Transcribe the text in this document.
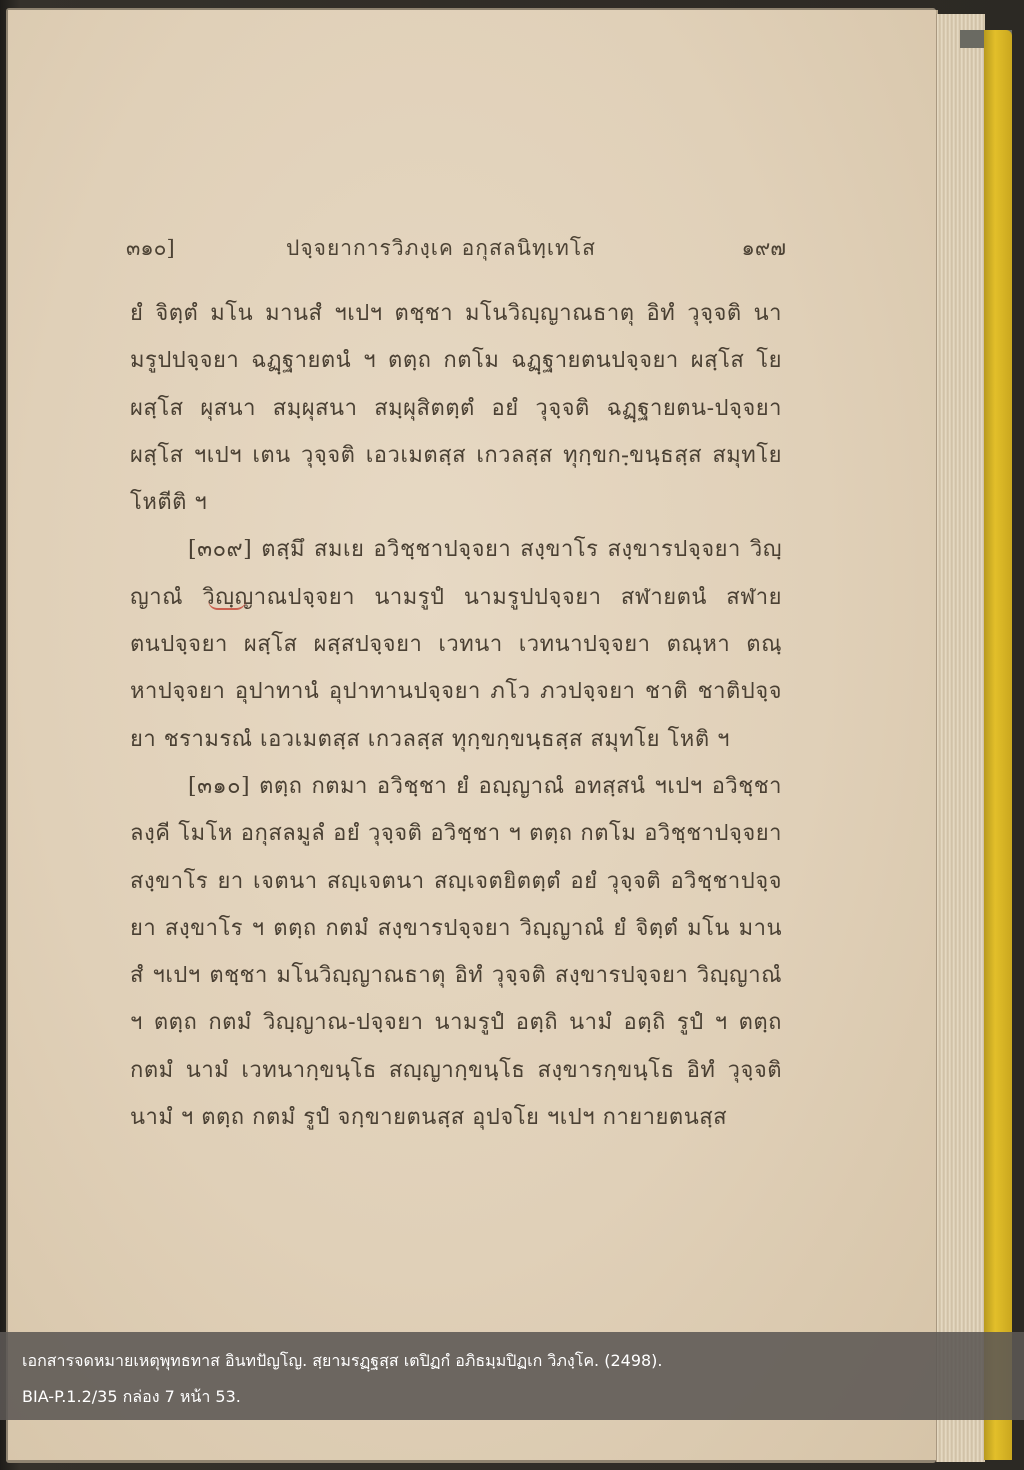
๓๑๐]	ปจฺจยาการวิภงฺเค อกุสลนิทฺเทโส	๑๙๗

ยํ จิตฺตํ มโน มานสํ ฯเปฯ ตชฺชา มโนวิญฺญาณธาตุ อิทํ วุจฺจติ นามรูปปจฺจยา ฉฏฺฐายตนํ ฯ ตตฺถ กตโม ฉฏฺฐายตนปจฺจยา ผสฺโส โย ผสฺโส ผุสนา สมฺผุสนา สมฺผุสิตตฺตํ อยํ วุจฺจติ ฉฏฺฐายตน-ปจฺจยา ผสฺโส ฯเปฯ เตน วุจฺจติ เอวเมตสฺส เกวลสฺส ทุกฺขก-ฺขนฺธสฺส สมุทโย โหตีติ ฯ

[๓๐๙] ตสฺมึ สมเย อวิชฺชาปจฺจยา สงฺขาโร สงฺขารปจฺจยา วิญฺญาณํ วิญฺญาณปจฺจยา นามรูปํ นามรูปปจฺจยา สฬายตนํ สฬายตนปจฺจยา ผสฺโส ผสฺสปจฺจยา เวทนา เวทนาปจฺจยา ตณฺหา ตณฺหาปจฺจยา อุปาทานํ อุปาทานปจฺจยา ภโว ภวปจฺจยา ชาติ ชาติปจฺจยา ชรามรณํ เอวเมตสฺส เกวลสฺส ทุกฺขกฺขนฺธสฺส สมุทโย โหติ ฯ

[๓๑๐] ตตฺถ กตมา อวิชฺชา ยํ อญฺญาณํ อทสฺสนํ ฯเปฯ อวิชฺชาลงฺคี โมโห อกุสลมูลํ อยํ วุจฺจติ อวิชฺชา ฯ ตตฺถ กตโม อวิชฺชาปจฺจยา สงฺขาโร ยา เจตนา สญฺเจตนา สญฺเจตยิตตฺตํ อยํ วุจฺจติ อวิชฺชาปจฺจยา สงฺขาโร ฯ ตตฺถ กตมํ สงฺขารปจฺจยา วิญฺญาณํ ยํ จิตฺตํ มโน มานสํ ฯเปฯ ตชฺชา มโนวิญฺญาณธาตุ อิทํ วุจฺจติ สงฺขารปจฺจยา วิญฺญาณํ ฯ ตตฺถ กตมํ วิญฺญาณ-ปจฺจยา นามรูปํ อตฺถิ นามํ อตฺถิ รูปํ ฯ ตตฺถ กตมํ นามํ เวทนากฺขนฺโธ สญฺญากฺขนฺโธ สงฺขารกฺขนฺโธ อิทํ วุจฺจติ นามํ ฯ ตตฺถ กตมํ รูปํ จกฺขายตนสฺส อุปจโย ฯเปฯ กายายตนสฺส

เอกสารจดหมายเหตุพุทธทาส อินทปัญโญ. สฺยามรฏฺฐสฺส เตปิฏกํ อภิธมฺมปิฏเก วิภงฺโค. (2498).
BIA-P.1.2/35 กล่อง 7 หน้า 53.
